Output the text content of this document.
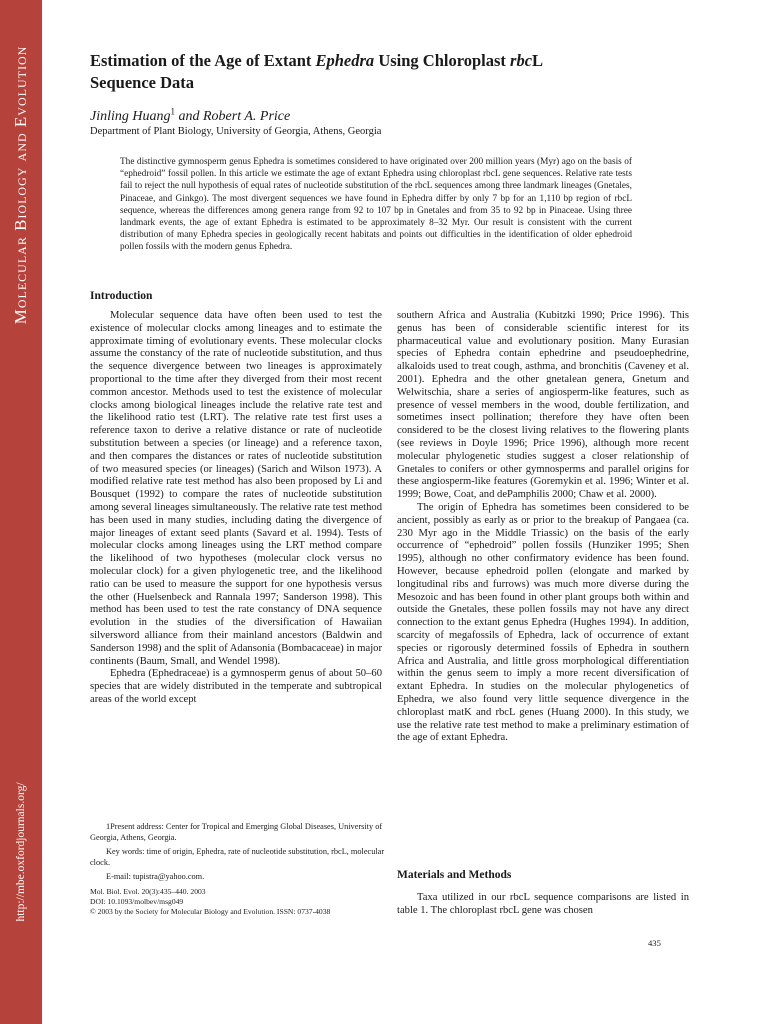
Molecular Biology and Evolution
http://mbe.oxfordjournals.org/
Estimation of the Age of Extant Ephedra Using Chloroplast rbcL
Sequence Data
Jinling Huang$^1$ and Robert A. Price
Department of Plant Biology, University of Georgia, Athens, Georgia

The distinctive gymnosperm genus Ephedra is sometimes considered to have originated over 200 million years (Myr) ago on the basis of “ephedroid” fossil pollen. In this article we estimate the age of extant Ephedra using chloroplast rbcL gene sequences. Relative rate tests fail to reject the null hypothesis of equal rates of nucleotide substitution of the rbcL sequences among three landmark lineages (Gnetales, Pinaceae, and Ginkgo). The most divergent sequences we have found in Ephedra differ by only 7 bp for an 1,110 bp region of rbcL sequence, whereas the differences among genera range from 92 to 107 bp in Gnetales and from 35 to 92 bp in Pinaceae. Using three landmark events, the age of extant Ephedra is estimated to be approximately 8–32 Myr. Our result is consistent with the current distribution of many Ephedra species in geologically recent habitats and points out difficulties in the identification of older ephedroid pollen fossils with the modern genus Ephedra.

Introduction

Molecular sequence data have often been used to test the existence of molecular clocks among lineages and to estimate the approximate timing of evolutionary events. These molecular clocks assume the constancy of the rate of nucleotide substitution, and thus the sequence divergence between two lineages is approximately proportional to the time after they diverged from their most recent common ancestor. Methods used to test the existence of molecular clocks among biological lineages include the relative rate test and the likelihood ratio test (LRT). The relative rate test first uses a reference taxon to derive a relative distance or rate of nucleotide substitution between a species (or lineage) and a reference taxon, and then compares the distances or rates of nucleotide substitution of two measured species (or lineages) (Sarich and Wilson 1973). A modified relative rate test method has also been proposed by Li and Bousquet (1992) to compare the rates of nucleotide substitution among several lineages simultaneously. The relative rate test method has been used in many studies, including dating the divergence of major lineages of extant seed plants (Savard et al. 1994). Tests of molecular clocks among lineages using the LRT method compare the likelihood of two hypotheses (molecular clock versus no molecular clock) for a given phylogenetic tree, and the likelihood ratio can be used to measure the support for one hypothesis versus the other (Huelsenbeck and Rannala 1997; Sanderson 1998). This method has been used to test the rate constancy of DNA sequence evolution in the studies of the diversification of Hawaiian silversword alliance from their mainland ancestors (Baldwin and Sanderson 1998) and the split of Adansonia (Bombacaceae) in major continents (Baum, Small, and Wendel 1998).

Ephedra (Ephedraceae) is a gymnosperm genus of about 50–60 species that are widely distributed in the temperate and subtropical areas of the world except

southern Africa and Australia (Kubitzki 1990; Price 1996). This genus has been of considerable scientific interest for its pharmaceutical value and evolutionary position. Many Eurasian species of Ephedra contain ephedrine and pseudoephedrine, alkaloids used to treat cough, asthma, and bronchitis (Caveney et al. 2001). Ephedra and the other gnetalean genera, Gnetum and Welwitschia, share a series of angiosperm-like features, such as presence of vessel members in the wood, double fertilization, and sometimes insect pollination; therefore they have often been considered to be the closest living relatives to the flowering plants (see reviews in Doyle 1996; Price 1996), although more recent molecular phylogenetic studies suggest a closer relationship of Gnetales to conifers or other gymnosperms and parallel origins for these angiosperm-like features (Goremykin et al. 1996; Winter et al. 1999; Bowe, Coat, and dePamphilis 2000; Chaw et al. 2000).

The origin of Ephedra has sometimes been considered to be ancient, possibly as early as or prior to the breakup of Pangaea (ca. 230 Myr ago in the Middle Triassic) on the basis of the early occurrence of “ephedroid” pollen fossils (Hunziker 1995; Shen 1995), although no other confirmatory evidence has been found. However, because ephedroid pollen (elongate and marked by longitudinal ribs and furrows) was much more diverse during the Mesozoic and has been found in other plant groups both within and outside the Gnetales, these pollen fossils may not have any direct connection to the extant genus Ephedra (Hughes 1994). In addition, scarcity of megafossils of Ephedra, lack of occurrence of extant species or rigorously determined fossils of Ephedra in southern Africa and Australia, and little gross morphological differentiation within the genus seem to imply a more recent diversification of extant Ephedra. In studies on the molecular phylogenetics of Ephedra, we also found very little sequence divergence in the chloroplast matK and rbcL genes (Huang 2000). In this study, we use the relative rate test method to make a preliminary estimation of the age of extant Ephedra.

Materials and Methods

Taxa utilized in our rbcL sequence comparisons are listed in table 1. The chloroplast rbcL gene was chosen

1Present address: Center for Tropical and Emerging Global Diseases, University of Georgia, Athens, Georgia.
Key words: time of origin, Ephedra, rate of nucleotide substitution, rbcL, molecular clock.
E-mail: tupistra@yahoo.com.
Mol. Biol. Evol. 20(3):435–440. 2003
DOI: 10.1093/molbev/msg049
© 2003 by the Society for Molecular Biology and Evolution. ISSN: 0737-4038
435
